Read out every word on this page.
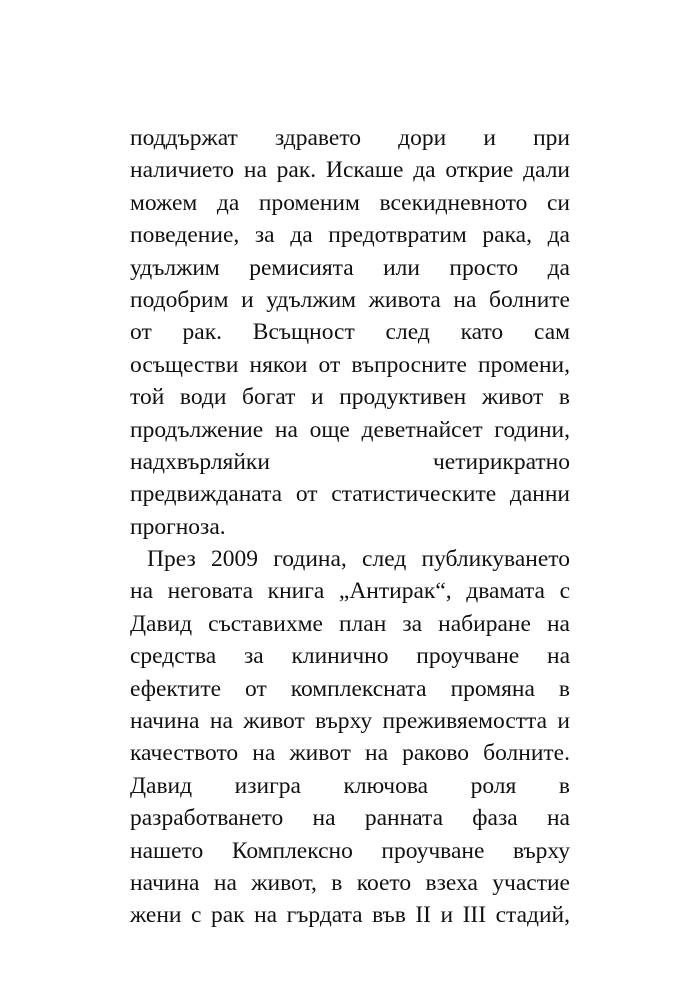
поддържат здравето дори и при
наличието на рак. Искаше да открие дали
можем да променим всекидневното си
поведение, за да предотвратим рака, да
удължим ремисията или просто да
подобрим и удължим живота на болните
от рак. Всъщност след като сам
осъществи някои от въпросните промени,
той води богат и продуктивен живот в
продължение на още деветнайсет години,
надхвърляйки четирикратно
предвижданата от статистическите данни
прогноза.
През 2009 година, след публикуването
на неговата книга „Антирак“, двамата с
Давид съставихме план за набиране на
средства за клинично проучване на
ефектите от комплексната промяна в
начина на живот върху преживяемостта и
качеството на живот на раково болните.
Давид изигра ключова роля в
разработването на ранната фаза на
нашето Комплексно проучване върху
начина на живот, в което взеха участие
жени с рак на гърдата във II и III стадий,
